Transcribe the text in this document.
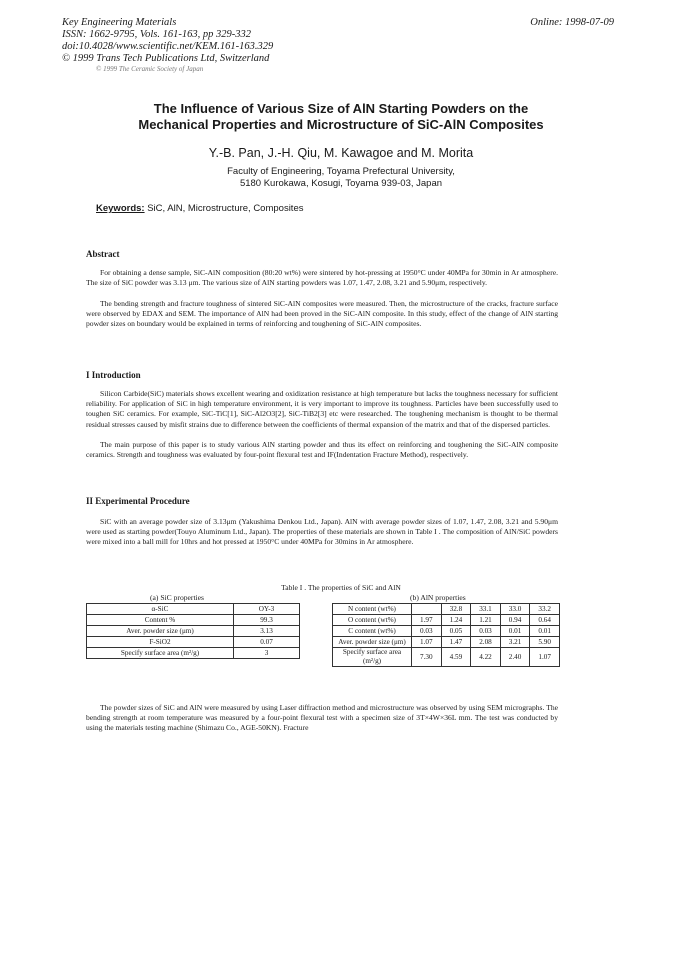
Key Engineering Materials
ISSN: 1662-9795, Vols. 161-163, pp 329-332
doi:10.4028/www.scientific.net/KEM.161-163.329
© 1999 Trans Tech Publications Ltd, Switzerland
Online: 1998-07-09
© 1999 The Ceramic Society of Japan
The Influence of Various Size of AlN Starting Powders on the
Mechanical Properties and Microstructure of SiC-AlN Composites
Y.-B. Pan, J.-H. Qiu, M. Kawagoe and M. Morita
Faculty of Engineering, Toyama Prefectural University,
5180 Kurokawa, Kosugi, Toyama 939-03, Japan
Keywords: SiC, AlN, Microstructure, Composites
Abstract

For obtaining a dense sample, SiC-AlN composition (80:20 wt%) were sintered by hot-pressing at 1950°C under 40MPa for 30min in Ar atmosphere. The size of SiC powder was 3.13 μm. The various size of AlN starting powders was 1.07, 1.47, 2.08, 3.21 and 5.90μm, respectively.

The bending strength and fracture toughness of sintered SiC-AlN composites were measured. Then, the microstructure of the cracks, fracture surface were observed by EDAX and SEM. The importance of AlN had been proved in the SiC-AlN composite. In this study, effect of the change of AlN starting powder sizes on boundary would be explained in terms of reinforcing and toughening of SiC-AlN composites.

I Introduction

Silicon Carbide(SiC) materials shows excellent wearing and oxidization resistance at high temperature but lacks the toughness necessary for sufficient reliability. For application of SiC in high temperature environment, it is very important to improve its toughness. Particles have been successfully used to toughen SiC ceramics. For example, SiC-TiC[1], SiC-Al2O3[2], SiC-TiB2[3] etc were researched. The toughening mechanism is thought to be thermal residual stresses caused by misfit strains due to difference between the coefficients of thermal expansion of the matrix and that of the dispersed particles.

The main purpose of this paper is to study various AlN starting powder and thus its effect on reinforcing and toughening the SiC-AlN composite ceramics. Strength and toughness was evaluated by four-point flexural test and IF(Indentation Fracture Method), respectively.

II Experimental Procedure

SiC with an average powder size of 3.13μm (Yakushima Denkou Ltd., Japan). AlN with average powder sizes of 1.07, 1.47, 2.08, 3.21 and 5.90μm were used as starting powder(Touyo Aluminum Ltd., Japan). The properties of these materials are shown in Table I . The composition of AlN/SiC powders were mixed into a ball mill for 10hrs and hot pressed at 1950°C under 40MPa for 30mins in Ar atmosphere.

Table I . The properties of SiC and AlN
(a) SiC properties	(b) AlN properties
α-SiC	OY-3
Content %	99.3
Aver. powder size (μm)	3.13
F-SiO2	0.07
Specify surface area (m²/g)	3
N content (wt%)		32.8	33.1	33.0	33.2
O content (wt%)	1.97	1.24	1.21	0.94	0.64
C content (wt%)	0.03	0.05	0.03	0.01	0.01
Aver. powder size (μm)	1.07	1.47	2.08	3.21	5.90
Specify surface area (m²/g)	7.30	4.59	4.22	2.40	1.07

The powder sizes of SiC and AlN were measured by using Laser diffraction method and microstructure was observed by using SEM micrographs. The bending strength at room temperature was measured by a four-point flexural test with a specimen size of 3T×4W×36L mm. The test was conducted by using the materials testing machine (Shimazu Co., AGE-50KN). Fracture
